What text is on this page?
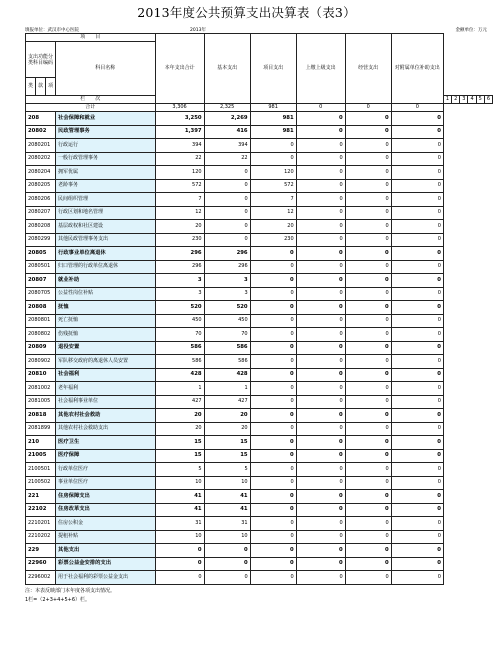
2013年度公共预算支出决算表（表3）
填报单位：武汉市中心医院	2013年	金额单位：万元
项　　目				本年支出合计	基本支出	项目支出	上缴上级支出	经营支出	对附属单位补助支出						
支出功能分类科目编码			科目名称												
类	款	项													
栏　　次										1	2	3	4	5	6
合计				3,306	2,325	981	0	0	0						
208			社会保障和就业	3,250	2,269	981	0	0	0						
20802			民政管理事务	1,397	416	981	0	0	0						
2080201			行政运行	394	394	0	0	0	0						
2080202			一般行政管理事务	22	22	0	0	0	0						
2080204			拥军优属	120	0	120	0	0	0						
2080205			老龄事务	572	0	572	0	0	0						
2080206			民间组织管理	7	0	7	0	0	0						
2080207			行政区划和地名管理	12	0	12	0	0	0						
2080208			基层政权和社区建设	20	0	20	0	0	0						
2080299			其他民政管理事务支出	230	0	230	0	0	0						
20805			行政事业单位离退休	296	296	0	0	0	0						
2080501			归口管理的行政单位离退休	296	296	0	0	0	0						
20807			就业补助	3	3	0	0	0	0						
2080705			公益性岗位补贴	3	3	0	0	0	0						
20808			抚恤	520	520	0	0	0	0						
2080801			死亡抚恤	450	450	0	0	0	0						
2080802			伤残抚恤	70	70	0	0	0	0						
20809			退役安置	586	586	0	0	0	0						
2080902			军队移交政府的离退休人员安置	586	586	0	0	0	0						
20810			社会福利	428	428	0	0	0	0						
2081002			老年福利	1	1	0	0	0	0						
2081005			社会福利事业单位	427	427	0	0	0	0						
20818			其他农村社会救助	20	20	0	0	0	0						
2081899			其他农村社会救助支出	20	20	0	0	0	0						
210			医疗卫生	15	15	0	0	0	0						
21005			医疗保障	15	15	0	0	0	0						
2100501			行政单位医疗	5	5	0	0	0	0						
2100502			事业单位医疗	10	10	0	0	0	0						
221			住房保障支出	41	41	0	0	0	0						
22102			住房改革支出	41	41	0	0	0	0						
2210201			住房公积金	31	31	0	0	0	0						
2210202			提租补贴	10	10	0	0	0	0						
229			其他支出	0	0	0	0	0	0						
22960			彩票公益金安排的支出	0	0	0	0	0	0						
2296002			用于社会福利的彩票公益金支出	0	0	0	0	0	0						
注：本表反映部门本年度各项支出情况。
1栏=（2+3+4+5+6）栏。
